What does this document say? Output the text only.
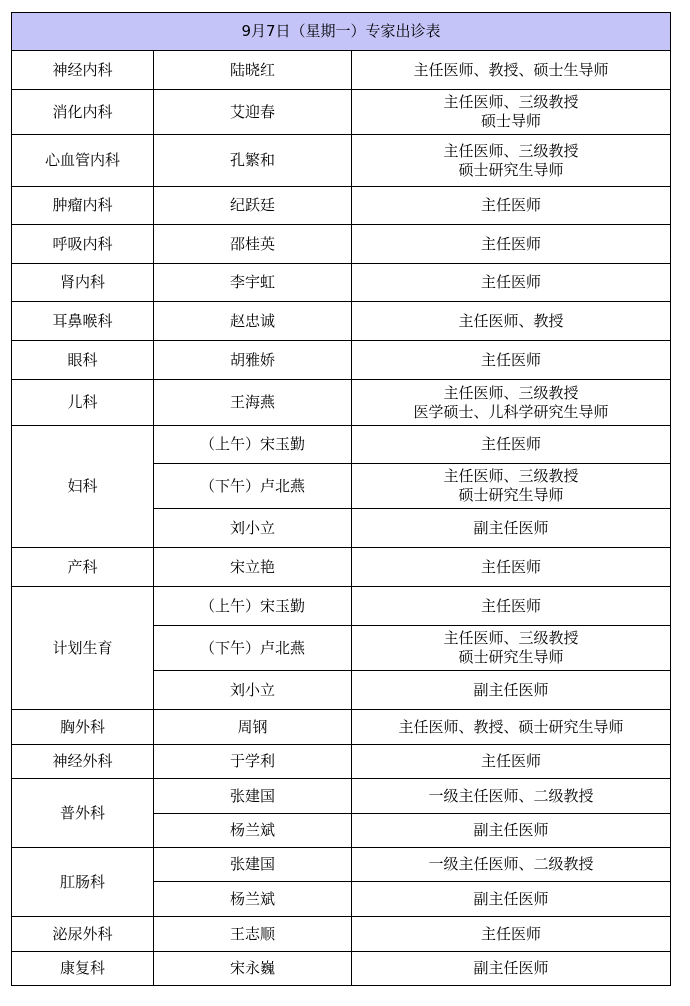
9月7日（星期一）专家出诊表		
神经内科	陆晓红	主任医师、教授、硕士生导师

消化内科	艾迎春	主任医师、三级教授
硕士导师

心血管内科	孔繁和	主任医师、三级教授
硕士研究生导师

肿瘤内科	纪跃廷	主任医师

呼吸内科	邵桂英	主任医师

肾内科	李宇虹	主任医师

耳鼻喉科	赵忠诚	主任医师、教授

眼科	胡雅娇	主任医师

儿科	王海燕	主任医师、三级教授
医学硕士、儿科学研究生导师

妇科	（上午）宋玉勤	主任医师

	（下午）卢北燕	主任医师、三级教授
硕士研究生导师

	刘小立	副主任医师

产科	宋立艳	主任医师

计划生育	（上午）宋玉勤	主任医师

	（下午）卢北燕	主任医师、三级教授
硕士研究生导师

	刘小立	副主任医师

胸外科	周钢	主任医师、教授、硕士研究生导师

神经外科	于学利	主任医师

普外科	张建国	一级主任医师、二级教授

	杨兰斌	副主任医师

肛肠科	张建国	一级主任医师、二级教授

	杨兰斌	副主任医师

泌尿外科	王志顺	主任医师

康复科	宋永巍	副主任医师
